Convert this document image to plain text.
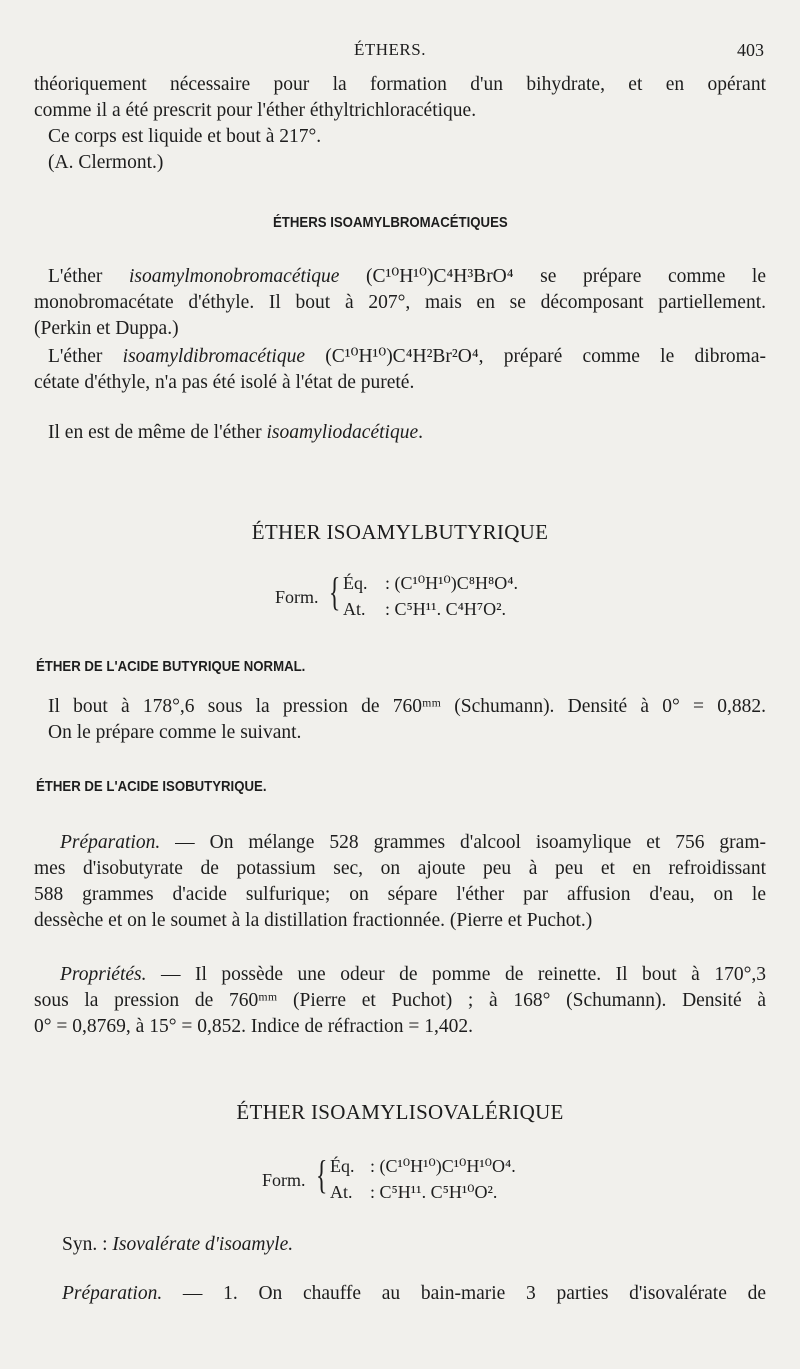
ÉTHERS.	403
théoriquement nécessaire pour la formation d'un bihydrate, et en opérant
comme il a été prescrit pour l'éther éthyltrichloracétique.
Ce corps est liquide et bout à 217°.
(A. Clermont.)
ÉTHERS ISOAMYLBROMACÉTIQUES
L'éther isoamylmonobromacétique (C¹⁰H¹⁰)C⁴H³BrO⁴ se prépare comme le
monobromacétate d'éthyle. Il bout à 207°, mais en se décomposant partiellement.
(Perkin et Duppa.)
L'éther isoamyldibromacétique (C¹⁰H¹⁰)C⁴H²Br²O⁴, préparé comme le dibroma-
cétate d'éthyle, n'a pas été isolé à l'état de pureté.
Il en est de même de l'éther isoamyliodacétique.
ÉTHER ISOAMYLBUTYRIQUE
Form. { Éq. : (C¹⁰H¹⁰)C⁸H⁸O⁴.
At. : C⁵H¹¹. C⁴H⁷O².
ÉTHER DE L'ACIDE BUTYRIQUE NORMAL.
Il bout à 178°,6 sous la pression de 760ᵐᵐ (Schumann). Densité à 0° = 0,882.
On le prépare comme le suivant.
ÉTHER DE L'ACIDE ISOBUTYRIQUE.
Préparation. — On mélange 528 grammes d'alcool isoamylique et 756 gram-
mes d'isobutyrate de potassium sec, on ajoute peu à peu et en refroidissant
588 grammes d'acide sulfurique; on sépare l'éther par affusion d'eau, on le
dessèche et on le soumet à la distillation fractionnée. (Pierre et Puchot.)
Propriétés. — Il possède une odeur de pomme de reinette. Il bout à 170°,3
sous la pression de 760ᵐᵐ (Pierre et Puchot) ; à 168° (Schumann). Densité à
0° = 0,8769, à 15° = 0,852. Indice de réfraction = 1,402.
ÉTHER ISOAMYLISOVALÉRIQUE
Form. { Éq. : (C¹⁰H¹⁰)C¹⁰H¹⁰O⁴.
At. : C⁵H¹¹. C⁵H¹⁰O².
Syn. : Isovalérate d'isoamyle.
Préparation. — 1. On chauffe au bain-marie 3 parties d'isovalérate de
